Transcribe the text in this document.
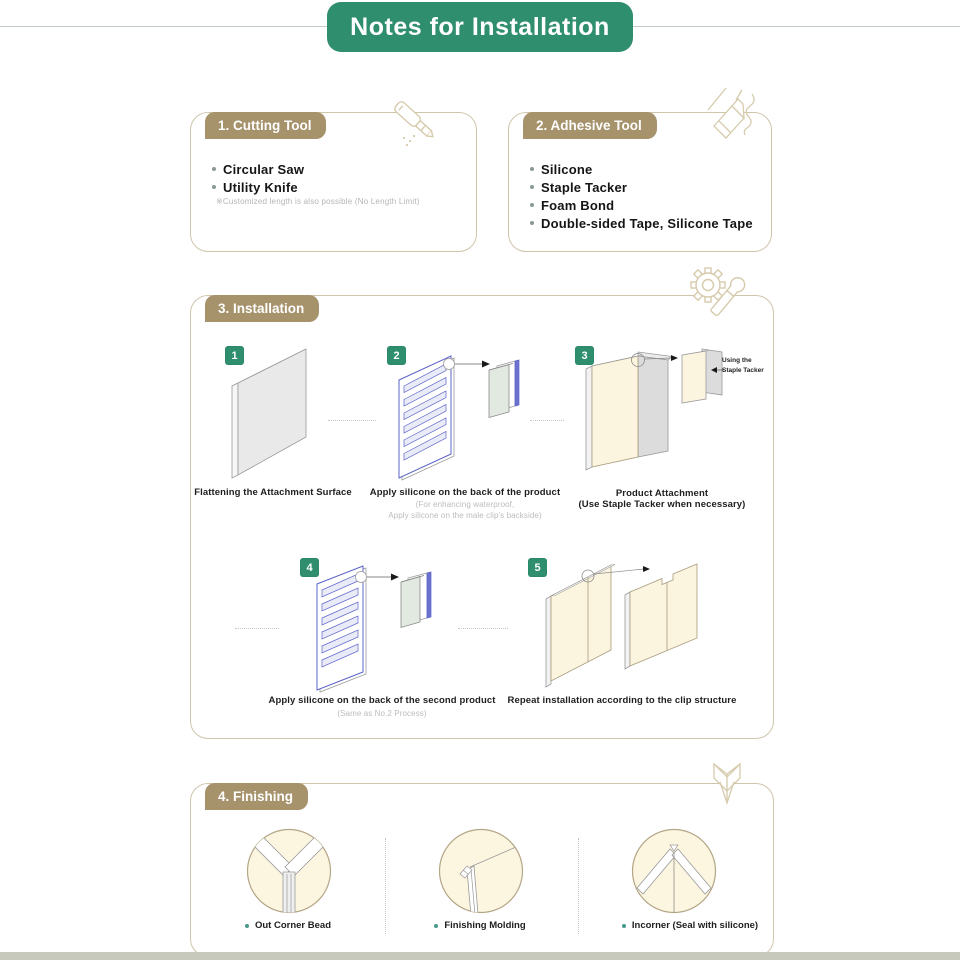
Notes for Installation
1. Cutting Tool
Circular Saw
Utility Knife
※Customized length is also possible (No Length Limit)
2. Adhesive Tool
Silicone
Staple Tacker
Foam Bond
Double-sided Tape, Silicone Tape
3. Installation
1	2	3	Using the
Staple Tacker
Flattening the Attachment Surface	Apply silicone on the back of the product
(For enhancing waterproof,
Apply silicone on the male clip's backside)
Product Attachment
(Use Staple Tacker when necessary)
4	5
Apply silicone on the back of the second product
(Same as No.2 Process)
Repeat installation according to the clip structure
4. Finishing
Out Corner Bead	Finishing Molding	Incorner (Seal with silicone)
